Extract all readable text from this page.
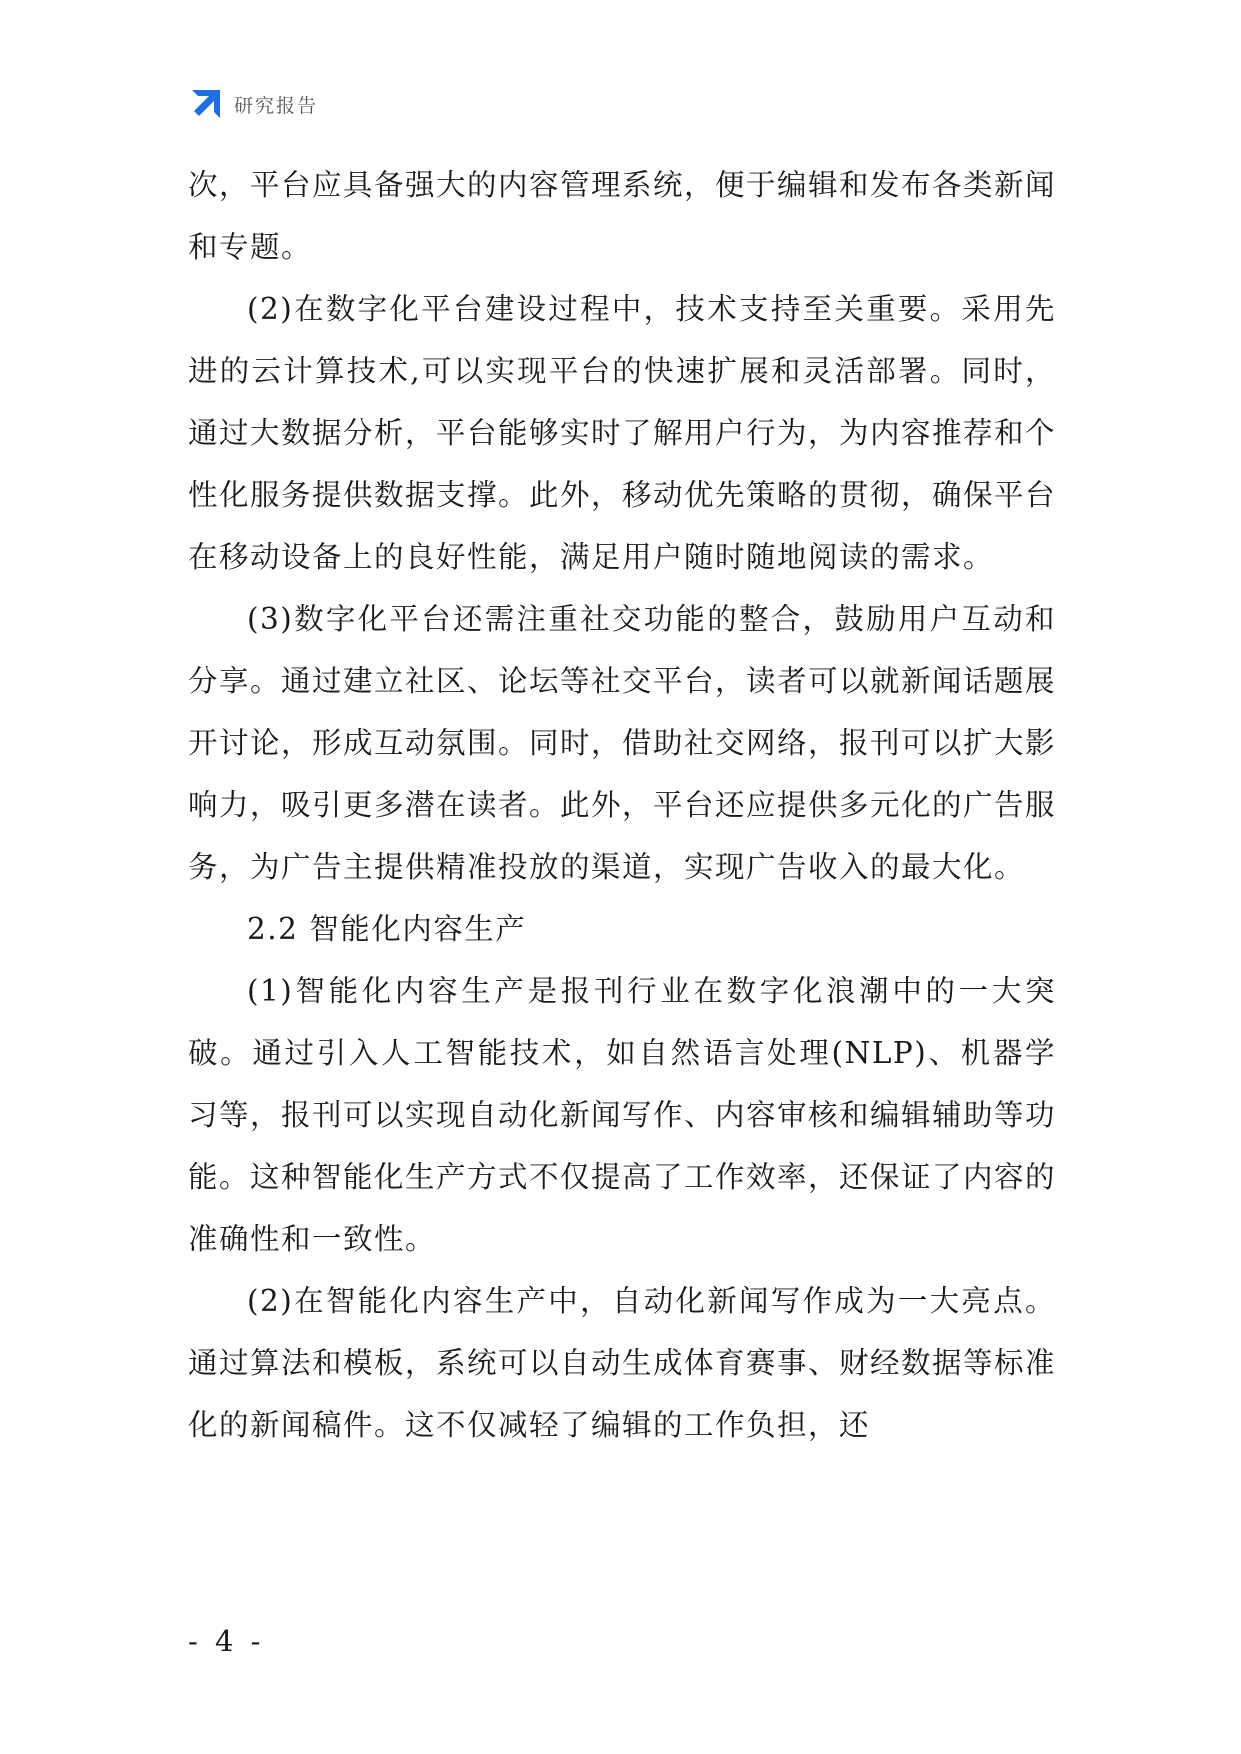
研究报告

次，平台应具备强大的内容管理系统，便于编辑和发布各类新闻和专题。

(2)在数字化平台建设过程中，技术支持至关重要。采用先进的云计算技术,可以实现平台的快速扩展和灵活部署。同时，通过大数据分析，平台能够实时了解用户行为，为内容推荐和个性化服务提供数据支撑。此外，移动优先策略的贯彻，确保平台在移动设备上的良好性能，满足用户随时随地阅读的需求。

(3)数字化平台还需注重社交功能的整合，鼓励用户互动和分享。通过建立社区、论坛等社交平台，读者可以就新闻话题展开讨论，形成互动氛围。同时，借助社交网络，报刊可以扩大影响力，吸引更多潜在读者。此外，平台还应提供多元化的广告服务，为广告主提供精准投放的渠道，实现广告收入的最大化。

2.2 智能化内容生产

(1)智能化内容生产是报刊行业在数字化浪潮中的一大突破。通过引入人工智能技术，如自然语言处理(NLP)、机器学习等，报刊可以实现自动化新闻写作、内容审核和编辑辅助等功能。这种智能化生产方式不仅提高了工作效率，还保证了内容的准确性和一致性。

(2)在智能化内容生产中，自动化新闻写作成为一大亮点。通过算法和模板，系统可以自动生成体育赛事、财经数据等标准化的新闻稿件。这不仅减轻了编辑的工作负担，还

- 4 -
